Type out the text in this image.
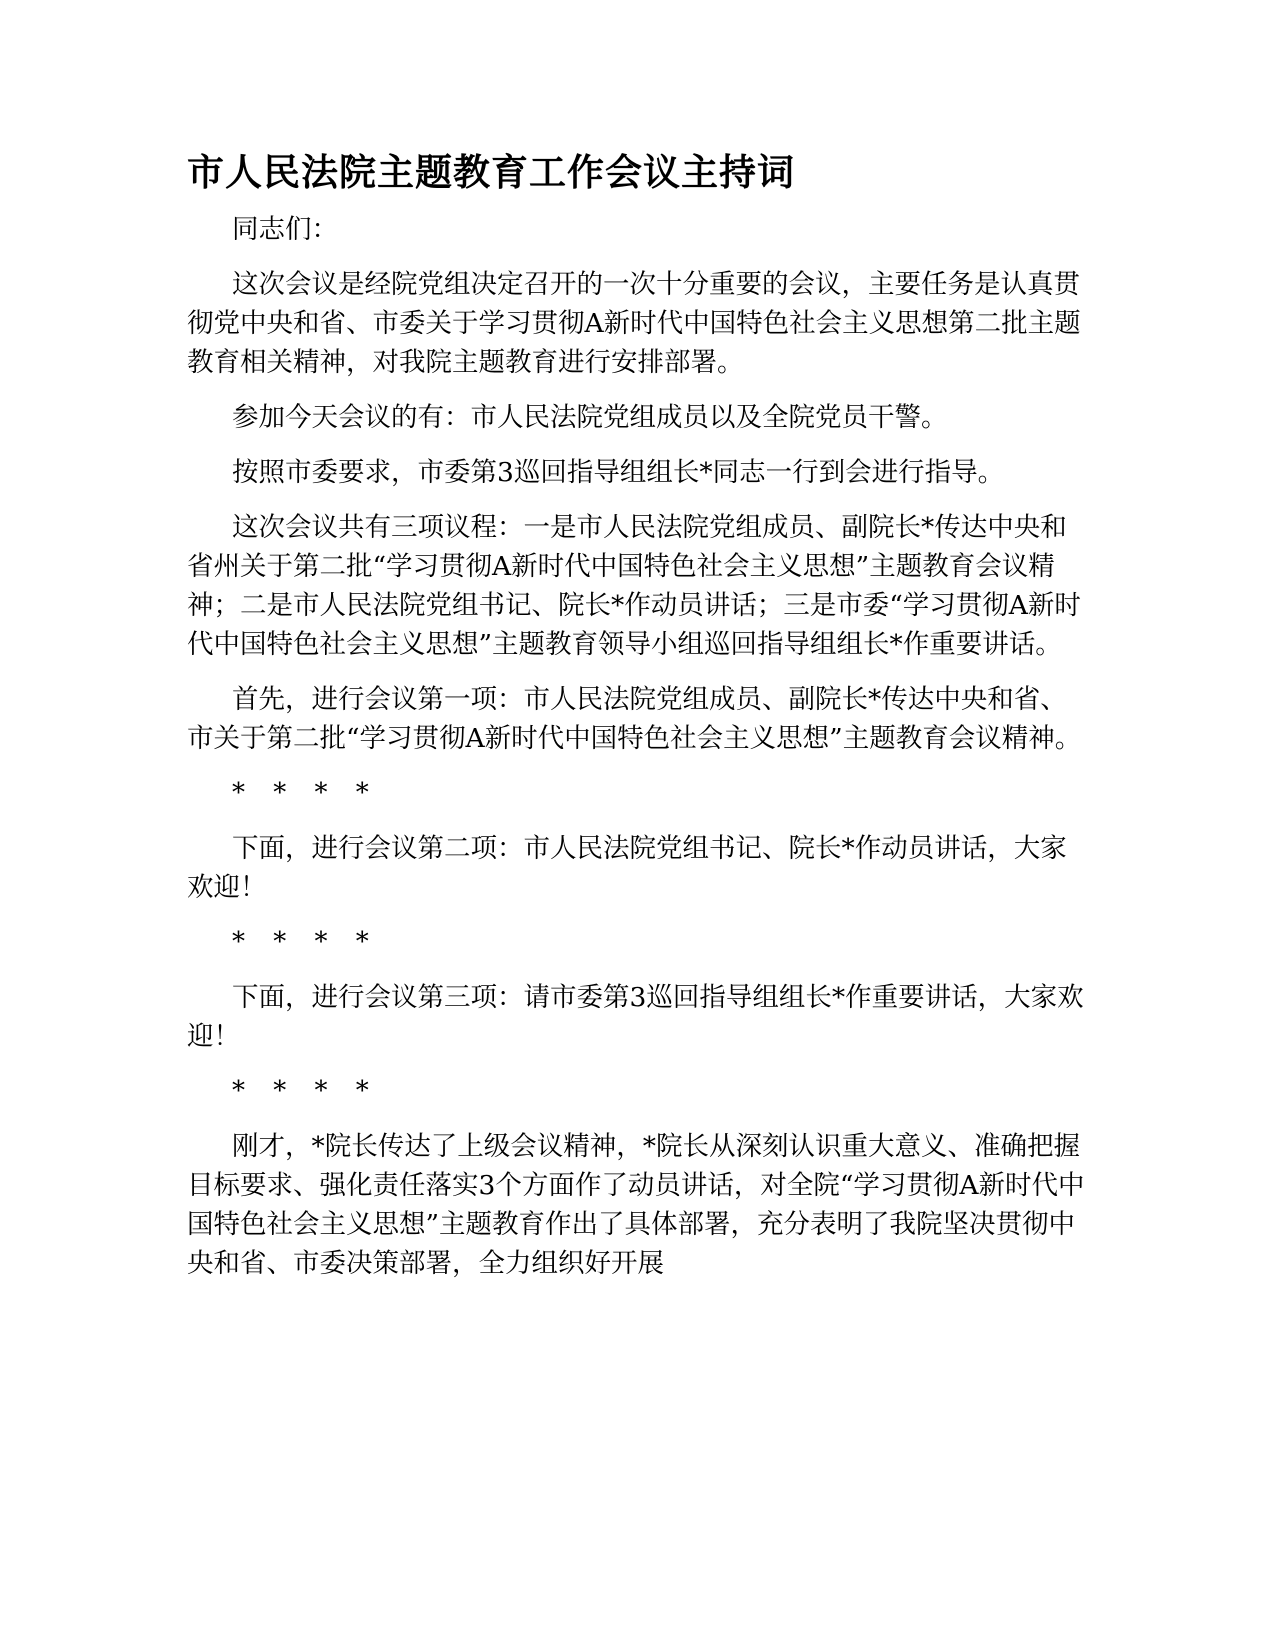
市人民法院主题教育工作会议主持词

同志们：

这次会议是经院党组决定召开的一次十分重要的会议，主要任务是认真贯彻党中央和省、市委关于学习贯彻A新时代中国特色社会主义思想第二批主题教育相关精神，对我院主题教育进行安排部署。

参加今天会议的有：市人民法院党组成员以及全院党员干警。

按照市委要求，市委第3巡回指导组组长*同志一行到会进行指导。

这次会议共有三项议程：一是市人民法院党组成员、副院长*传达中央和省州关于第二批“学习贯彻A新时代中国特色社会主义思想”主题教育会议精神；二是市人民法院党组书记、院长*作动员讲话；三是市委“学习贯彻A新时代中国特色社会主义思想”主题教育领导小组巡回指导组组长*作重要讲话。

首先，进行会议第一项：市人民法院党组成员、副院长*传达中央和省、市关于第二批“学习贯彻A新时代中国特色社会主义思想”主题教育会议精神。

* * * *

下面，进行会议第二项：市人民法院党组书记、院长*作动员讲话，大家欢迎！

* * * *

下面，进行会议第三项：请市委第3巡回指导组组长*作重要讲话，大家欢迎！

* * * *

刚才，*院长传达了上级会议精神，*院长从深刻认识重大意义、准确把握目标要求、强化责任落实3个方面作了动员讲话，对全院“学习贯彻A新时代中国特色社会主义思想”主题教育作出了具体部署，充分表明了我院坚决贯彻中央和省、市委决策部署，全力组织好开展
